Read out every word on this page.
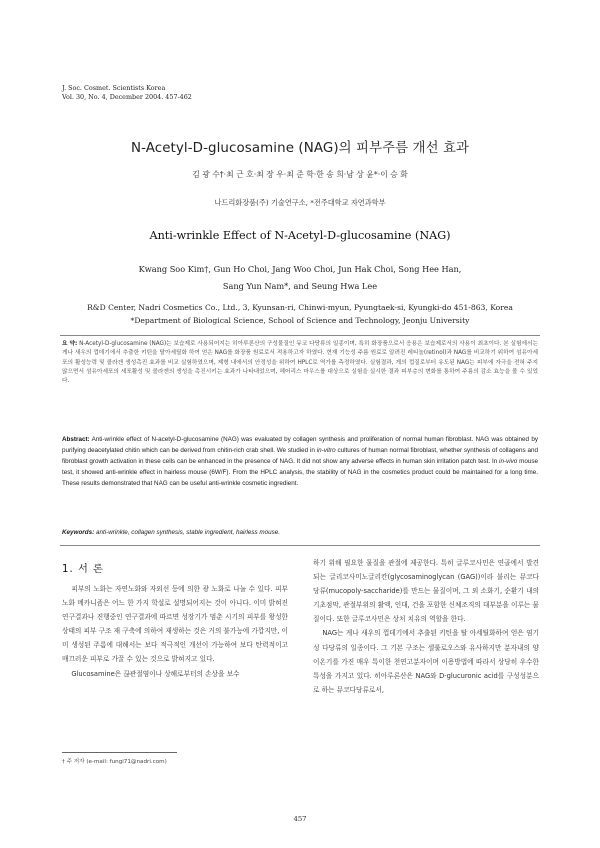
J. Soc. Cosmet. Scientists Korea
Vol. 30, No. 4, December 2004. 457-462
N-Acetyl-D-glucosamine (NAG)의 피부주름 개선 효과
김 광 수†·최 근 호·최 장 우·최 준 학·한 송 희·남 상 윤*·이 승 화
나드리화장품(주) 기술연구소, *전주대학교 자연과학부
Anti-wrinkle Effect of N-Acetyl-D-glucosamine (NAG)
Kwang Soo Kim†, Gun Ho Choi, Jang Woo Choi, Jun Hak Choi, Song Hee Han,
Sang Yun Nam*, and Seung Hwa Lee
R&D Center, Nadri Cosmetics Co., Ltd., 3, Kyunsan-ri, Chinwi-myun, Pyungtaek-si, Kyungki-do 451-863, Korea
*Department of Biological Science, School of Science and Technology, Jeonju University
요 약: N-Acetyl-D-glucosamine (NAG)는 보습제로 사용되어지는 히아루론산의 구성물질인 뮤코 다당류의 일종이며, 특히 화장품으로서 응용은 보습제로서의 사용이 최초이다. 본 실험에서는 게나 새우의 껍데기에서 추출한 키틴을 탈아세틸화 하여 얻은 NAG를 화장품 원료로서 적용하고자 하였다. 현재 기능성 주름 원료로 알려진 레티놀(retinol)과 NAG를 비교하기 위하여 섬유아세포의 활성능력 및 콜라겐 생성촉진 효과를 비교 실험하였으며, 제형 내에서의 안정성을 위하여 HPLC로 역가를 측정하였다. 실험결과, 게의 껍질로부터 유도된 NAG는 피부에 자극을 전혀 주지 않으면서 섬유아세포의 세포활성 및 콜라겐의 생성을 촉진시키는 효과가 나타내었으며, 헤어리스 마우스를 대상으로 실험을 실시한 결과 피부층의 변화를 통하여 주름의 감소 효능을 볼 수 있었다.
Abstract: Anti-wrinkle effect of N-acetyl-D-glucosamine (NAG) was evaluated by collagen synthesis and proliferation of normal human fibroblast. NAG was obtained by purifying deacetylated chitin which can be derived from chitin-rich crab shell. We studied in in-vitro cultures of human normal fibroblast, whether synthesis of collagens and fibroblast growth activation in these cells can be enhanced in the presence of NAG. It did not show any adverse effects in human skin irritation patch test. In in-vivo mouse test, it showed anti-wrinkle effect in hairless mouse (6W/F). From the HPLC analysis, the stability of NAG in the cosmetics product could be maintained for a long time. These results demonstrated that NAG can be useful anti-wrinkle cosmetic ingredient.
Keywords: anti-wrinkle, collagen synthesis, stable ingredient, hairless mouse.
1. 서 론

피부의 노화는 자연노화와 자외선 등에 의한 광 노화로 나눌 수 있다. 피부 노화 메카니즘은 어느 한 가지 학설로 설명되어지는 것이 아니다. 이미 밝혀진 연구결과나 진행중인 연구결과에 따르면 성장기가 멈춘 시기의 피부를 왕성한 상태의 피부 구조 재 구축에 의하여 재생하는 것은 거의 불가능에 가깝지만, 이미 생성된 주름에 대해서는 보다 적극적인 개선이 가능하여 보다 탄력적이고 매끄러운 피부로 가꿀 수 있는 것으로 밝혀지고 있다.

Glucosamine은 끊관절염이나 상해로부터의 손상을 보수

하기 위해 필요한 물질을 관절에 제공한다. 특히 글루코사민은 연골에서 발견되는 글리코사미노글리칸(glycosaminoglycan (GAG))이라 불리는 뮤코다당류(mucopoly-saccharide)를 만드는 물질이며, 그 외 소화기, 순환기 내의 기초점막, 관절부위의 활액, 인대, 건을 포함한 신체조직의 대부분을 이루는 물질이다. 또한 글루코사민은 상처 치유의 역할을 한다.

NAG는 게나 새우의 껍데기에서 추출된 키틴을 탈 아세틸화하여 얻은 염기성 다당류의 일종이다. 그 기본 구조는 셀룰로오스와 유사하지만 분자내의 양이온기를 가진 매우 특이한 천연고분자이며 이용방법에 따라서 상당히 우수한 특성을 가지고 있다. 히아루론산은 NAG와 D-glucuronic acid를 구성성분으로 하는 뮤코다당류로서,

† 주 저자 (e-mail: fungi71@nadri.com)
457
